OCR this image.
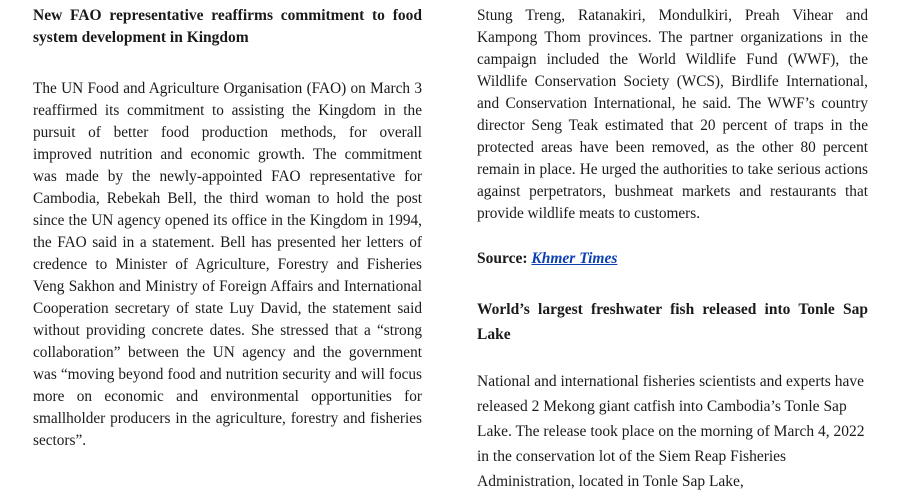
New FAO representative reaffirms commitment to food system development in Kingdom

The UN Food and Agriculture Organisation (FAO) on March 3 reaffirmed its commitment to assisting the Kingdom in the pursuit of better food production methods, for overall improved nutrition and economic growth. The commitment was made by the newly-appointed FAO representative for Cambodia, Rebekah Bell, the third woman to hold the post since the UN agency opened its office in the Kingdom in 1994, the FAO said in a statement. Bell has presented her letters of credence to Minister of Agriculture, Forestry and Fisheries Veng Sakhon and Ministry of Foreign Affairs and International Cooperation secretary of state Luy David, the statement said without providing concrete dates. She stressed that a “strong collaboration” between the UN agency and the government was “moving beyond food and nutrition security and will focus more on economic and environmental opportunities for smallholder producers in the agriculture, forestry and fisheries sectors”.

Stung Treng, Ratanakiri, Mondulkiri, Preah Vihear and Kampong Thom provinces. The partner organizations in the campaign included the World Wildlife Fund (WWF), the Wildlife Conservation Society (WCS), Birdlife International, and Conservation International, he said. The WWF’s country director Seng Teak estimated that 20 percent of traps in the protected areas have been removed, as the other 80 percent remain in place. He urged the authorities to take serious actions against perpetrators, bushmeat markets and restaurants that provide wildlife meats to customers.

Source: Khmer Times

World’s largest freshwater fish released into Tonle Sap Lake

National and international fisheries scientists and experts have released 2 Mekong giant catfish into Cambodia’s Tonle Sap Lake. The release took place on the morning of March 4, 2022 in the conservation lot of the Siem Reap Fisheries Administration, located in Tonle Sap Lake,
